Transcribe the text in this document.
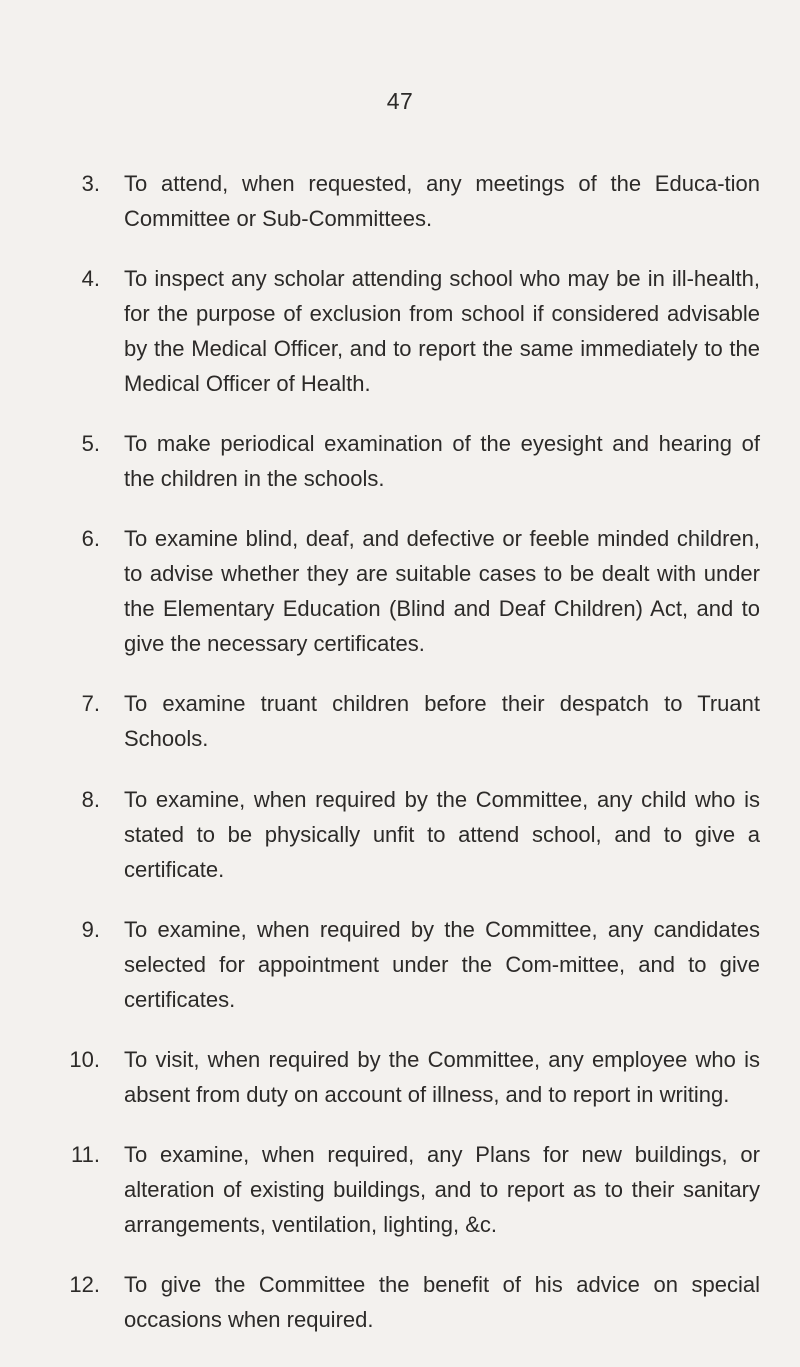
47
3. To attend, when requested, any meetings of the Educa-tion Committee or Sub-Committees.
4. To inspect any scholar attending school who may be in ill-health, for the purpose of exclusion from school if considered advisable by the Medical Officer, and to report the same immediately to the Medical Officer of Health.
5. To make periodical examination of the eyesight and hearing of the children in the schools.
6. To examine blind, deaf, and defective or feeble minded children, to advise whether they are suitable cases to be dealt with under the Elementary Education (Blind and Deaf Children) Act, and to give the necessary certificates.
7. To examine truant children before their despatch to Truant Schools.
8. To examine, when required by the Committee, any child who is stated to be physically unfit to attend school, and to give a certificate.
9. To examine, when required by the Committee, any candidates selected for appointment under the Com-mittee, and to give certificates.
10. To visit, when required by the Committee, any employee who is absent from duty on account of illness, and to report in writing.
11. To examine, when required, any Plans for new buildings, or alteration of existing buildings, and to report as to their sanitary arrangements, ventilation, lighting, &c.
12. To give the Committee the benefit of his advice on special occasions when required.
